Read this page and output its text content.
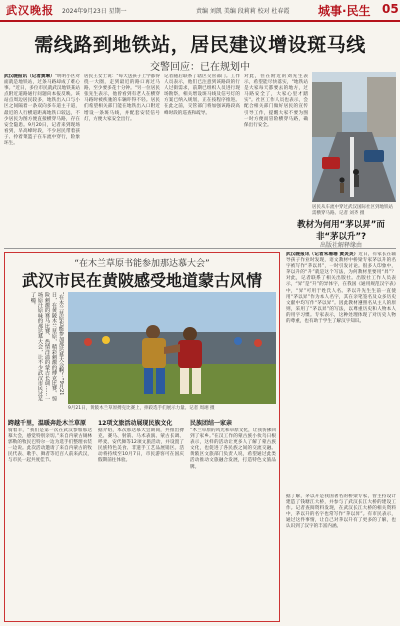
武汉晚报 2024年9月23日 星期一	责编 刘凯 美编 段莉莉 校对 杜春霞 城事·民生 05
需线路到地铁站，居民建议增设斑马线
交警回应：已在规划中
武汉晚报讯（记者黄琳）"明明小区对面就是地铁站，过条马路却成了难心事。"近日，多位市民就武汉地铁某站点附近道路通行问题向本报反映。该站点周边居民较多，地铁出入口与小区之间隔着一条双向多车道主干道，最近的人行横道距离地铁口较远，不少居民为图方便直接横穿马路，存在安全隐患。9月20日，记者来到现场看到，早高峰时段，不少居民带着孩子、拎着菜篮子在车流中穿行，险象环生。
居民王女士说："每天送孩子上学都得绕一大圈，走到最近的路口再过马路，至少要多花十分钟。"另一位居民张先生表示，他曾看到有老人在横穿马路时被疾驰的车辆吓得不轻。居民们希望相关部门能在地铁出入口附近增设一条斑马线，并配套安装信号灯，方便大家安全出行。
记者随后联系了辖区交管部门。工作人员表示，他们已注意到该路段的行人过街需求，前期已组织人员进行现场勘察，相关增设斑马线及信号灯的方案已纳入规划，正在按程序推进。在此之前，交管部门将加强该路段高峰时段的巡查和疏导。
对此，住在附近的刘先生表示，希望能尽快落实，"地铁站是大家每天都要去的地方，过马路安全了，大家心里才踏实"。社区工作人员也表示，会配合相关部门做好居民的宣传引导工作，提醒大家不要为图一时方便而冒险横穿马路，确保出行安全。
居民从车流中穿过武汉国际社区到地铁站需横穿马路。记者 刘齐 摄
“在木兰草原书能参加那达慕大会”
武汉市民在黄陂感受地道蒙古风情
“在木兰草原也能参加那达慕大会啊！”9月21日，在黄陂木兰草原，精彩刺激的搏克比赛、惊险刺激的赛马比赛、热情洋溢的蒙古长调……一场原汁原味的那达慕大会，让不少武汉市民过足了瘾。
9月21日，黄陂木兰草原搏克比赛上，摔跤选手们展示力量。记者 周翊 摄
跨越千里，温暖奔赴木兰草原
骑着羊，“我们是第一次在武汉参加那达慕大会，感觉特别亲切。”来自内蒙古锡林郭勒的牧民巴特尔一边为选手们整理衣装一边说。此次活动邀请了来自内蒙古的牧民代表、歌手、舞者等近百人前来武汉，与市民一起共度佳节。
12项文旅活动展现民族文化
据介绍，本次那达慕大会期间，共推出搏克、赛马、射箭、马术表演、蒙古长调、呼麦、安代舞等12项文旅活动，并设置了民族特色美食、非遗手工艺品展销区。活动将持续至10月7日，市民游客可在国庆假期前往体验。
民族团结一家亲
“木兰草原的风光和草原文化，让我仿佛回到了家乡。”在汉工作的蒙古族小伙乌日根表示，这样的活动让更多人了解了蒙古族文化，也促进了各民族之间的交流交融。黄陂区文旅部门负责人说，希望通过此类活动推动文旅融合发展，打造特色文旅品牌。
教材为何用“茅以昇”而非“茅以升”?
出版社解释缘由
武汉晚报讯（记者朱珊珊 黄炎炎）近日，有家长在辅导孩子作业时发现，语文教材中桥梁专家茅以升的名字被写作“茅以昇”，一时引发讨论。很多人印象中，茅以升的“升”就是这个写法，为何教材里要用“昇”？对此，记者联系了相关出版社。出版社工作人员表示，“昇”是“升”的异体字，在我国《通用规范汉字表》中，“昇”可用于姓氏人名。茅以升先生生前一直使用“茅以昇”作为本人名字，其在亲笔签名及众多历史文献中均写作“茅以昇”。因此教材遵照名从主人的原则，采用了“茅以昇”的写法，以尊重历史和人物本人的用字习惯。专家表示，这种处理体现了对历史人物的尊重，也有助于学生了解汉字知识。
据了解，茅以升是我国著名的桥梁专家，曾主持设计建造了钱塘江大桥，并参与了武汉长江大桥的建设工作。记者查阅资料发现，在武汉长江大桥的相关资料中，茅以升的名字也常写作“茅以昇”。有市民表示，通过这件事情，让自己对茅以升有了更多的了解，也认识到了汉字的丰富内涵。
